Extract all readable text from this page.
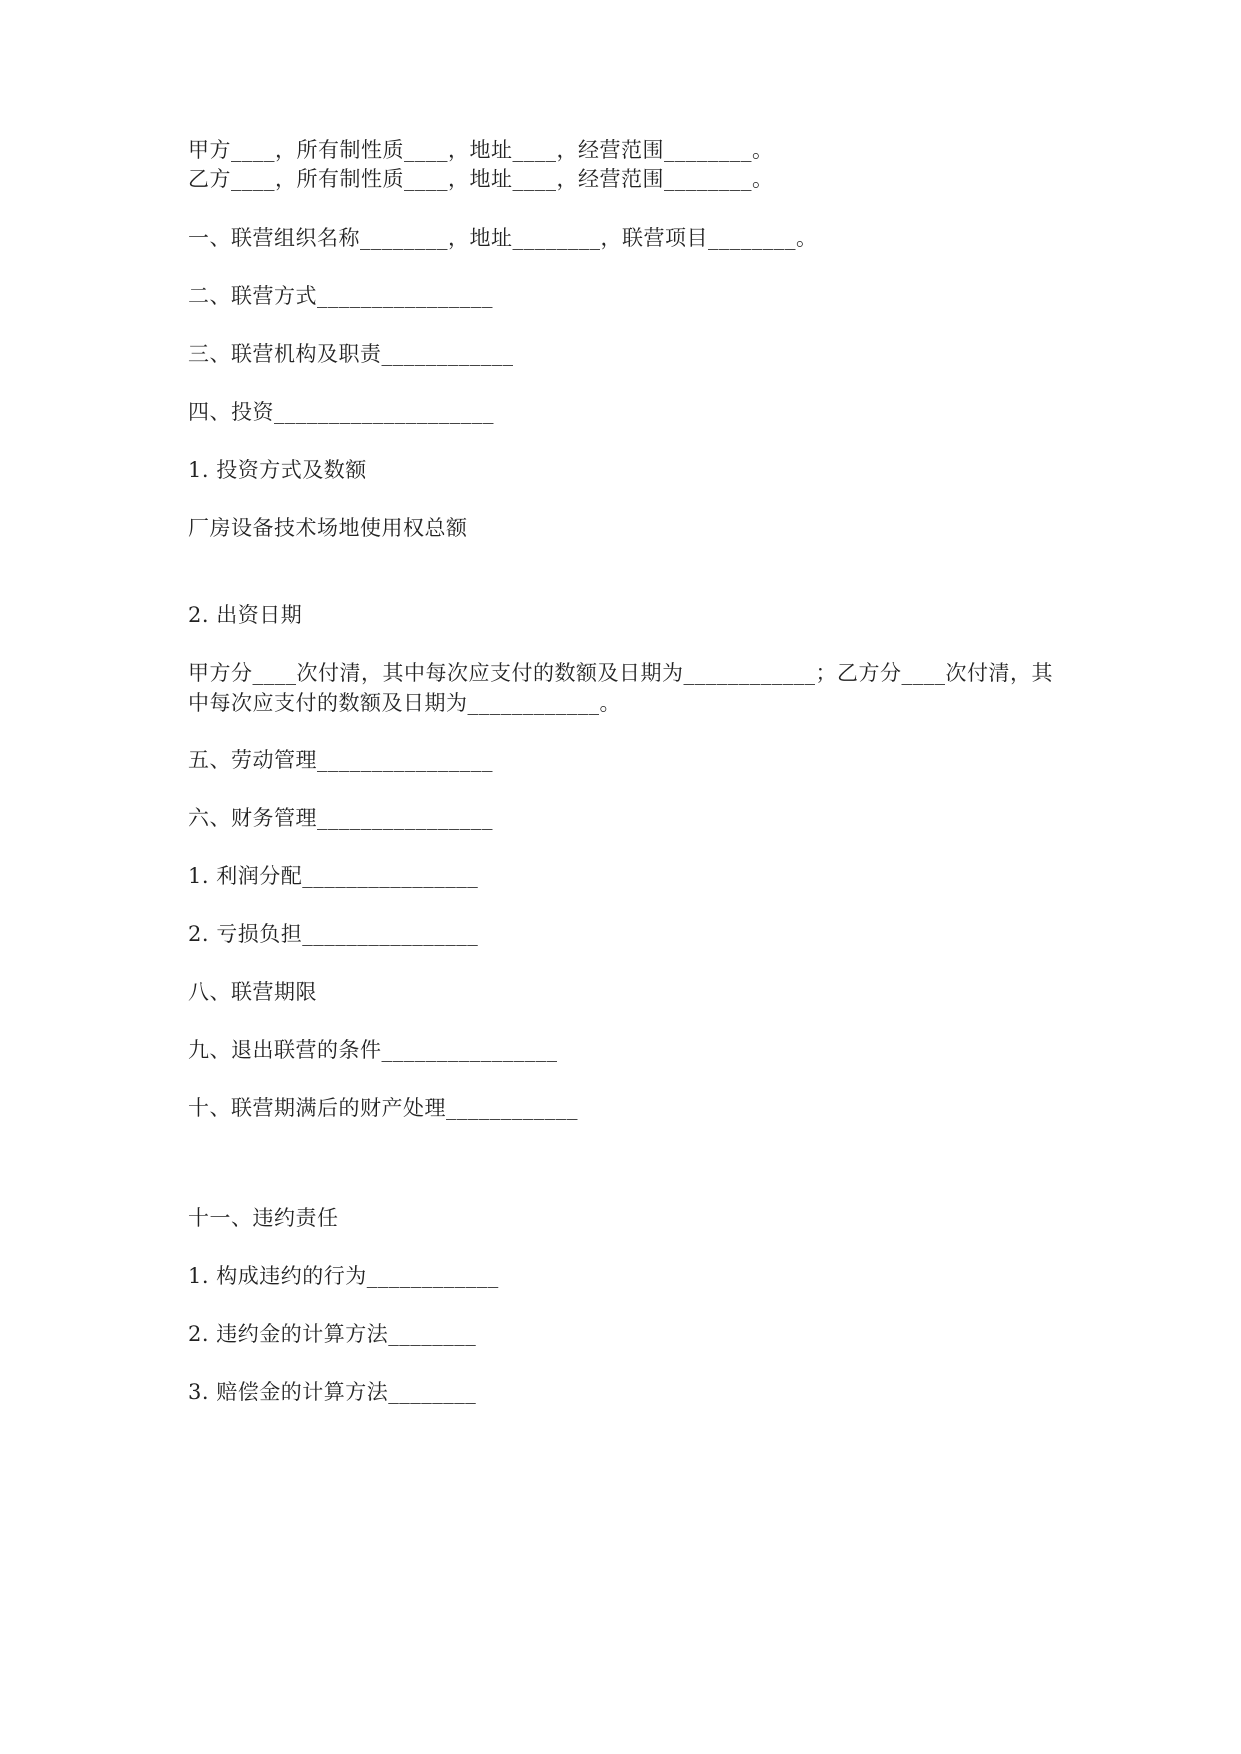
甲方____，所有制性质____，地址____，经营范围________。
乙方____，所有制性质____，地址____，经营范围________。
一、联营组织名称________，地址________，联营项目________。
二、联营方式________________
三、联营机构及职责____________
四、投资____________________
1. 投资方式及数额
厂房设备技术场地使用权总额
2. 出资日期
甲方分____次付清，其中每次应支付的数额及日期为____________；乙方分____次付清，其
中每次应支付的数额及日期为____________。
五、劳动管理________________
六、财务管理________________
1. 利润分配________________
2. 亏损负担________________
八、联营期限
九、退出联营的条件________________
十、联营期满后的财产处理____________
十一、违约责任
1. 构成违约的行为____________
2. 违约金的计算方法________
3. 赔偿金的计算方法________
